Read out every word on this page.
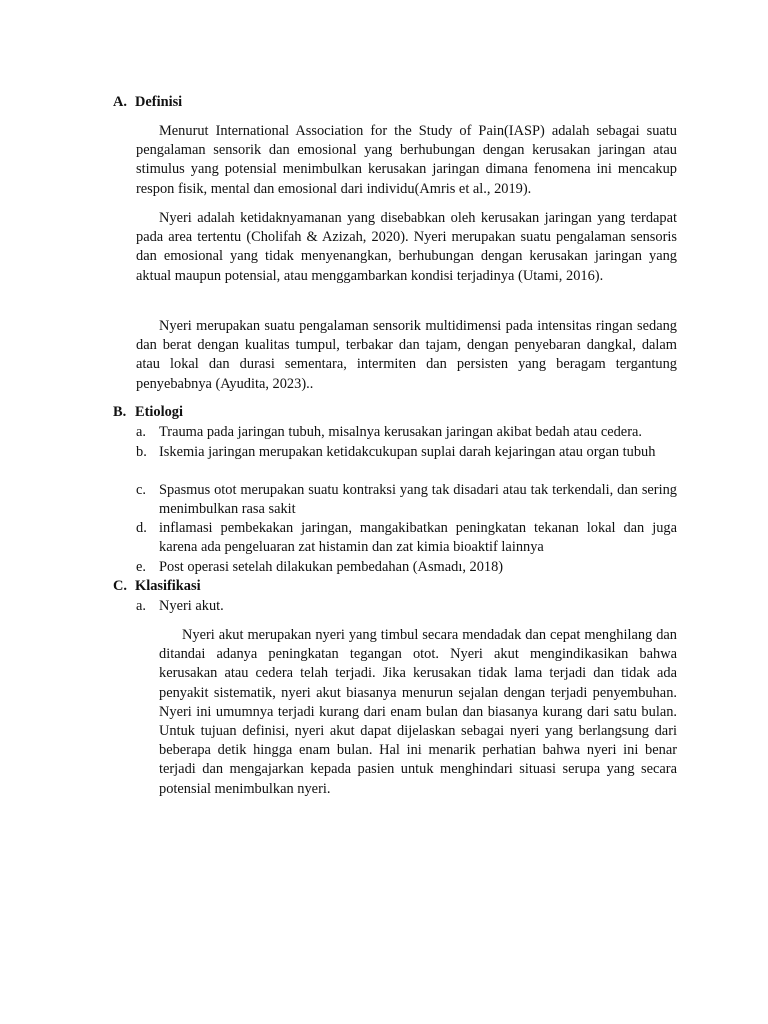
A. Definisi

Menurut International Association for the Study of Pain(IASP) adalah sebagai suatu pengalaman sensorik dan emosional yang berhubungan dengan kerusakan jaringan atau stimulus yang potensial menimbulkan kerusakan jaringan dimana fenomena ini mencakup respon fisik, mental dan emosional dari individu(Amris et al., 2019).

Nyeri adalah ketidaknyamanan yang disebabkan oleh kerusakan jaringan yang terdapat pada area tertentu (Cholifah & Azizah, 2020). Nyeri merupakan suatu pengalaman sensoris dan emosional yang tidak menyenangkan, berhubungan dengan kerusakan jaringan yang aktual maupun potensial, atau menggambarkan kondisi terjadinya (Utami, 2016).

Nyeri merupakan suatu pengalaman sensorik multidimensi pada intensitas ringan sedang dan berat dengan kualitas tumpul, terbakar dan tajam, dengan penyebaran dangkal, dalam atau lokal dan durasi sementara, intermiten dan persisten yang beragam tergantung penyebabnya (Ayudita, 2023)..

B. Etiologi
a. Trauma pada jaringan tubuh, misalnya kerusakan jaringan akibat bedah atau cedera.
b. Iskemia jaringan merupakan ketidakcukupan suplai darah kejaringan atau organ tubuh
c. Spasmus otot merupakan suatu kontraksi yang tak disadari atau tak terkendali, dan sering menimbulkan rasa sakit
d. inflamasi pembekakan jaringan, mangakibatkan peningkatan tekanan lokal dan juga karena ada pengeluaran zat histamin dan zat kimia bioaktif lainnya
e. Post operasi setelah dilakukan pembedahan (Asmadı, 2018)
C. Klasifikasi
a. Nyeri akut.

Nyeri akut merupakan nyeri yang timbul secara mendadak dan cepat menghilang dan ditandai adanya peningkatan tegangan otot. Nyeri akut mengindikasikan bahwa kerusakan atau cedera telah terjadi. Jika kerusakan tidak lama terjadi dan tidak ada penyakit sistematik, nyeri akut biasanya menurun sejalan dengan terjadi penyembuhan. Nyeri ini umumnya terjadi kurang dari enam bulan dan biasanya kurang dari satu bulan. Untuk tujuan definisi, nyeri akut dapat dijelaskan sebagai nyeri yang berlangsung dari beberapa detik hingga enam bulan. Hal ini menarik perhatian bahwa nyeri ini benar terjadi dan mengajarkan kepada pasien untuk menghindari situasi serupa yang secara potensial menimbulkan nyeri.
